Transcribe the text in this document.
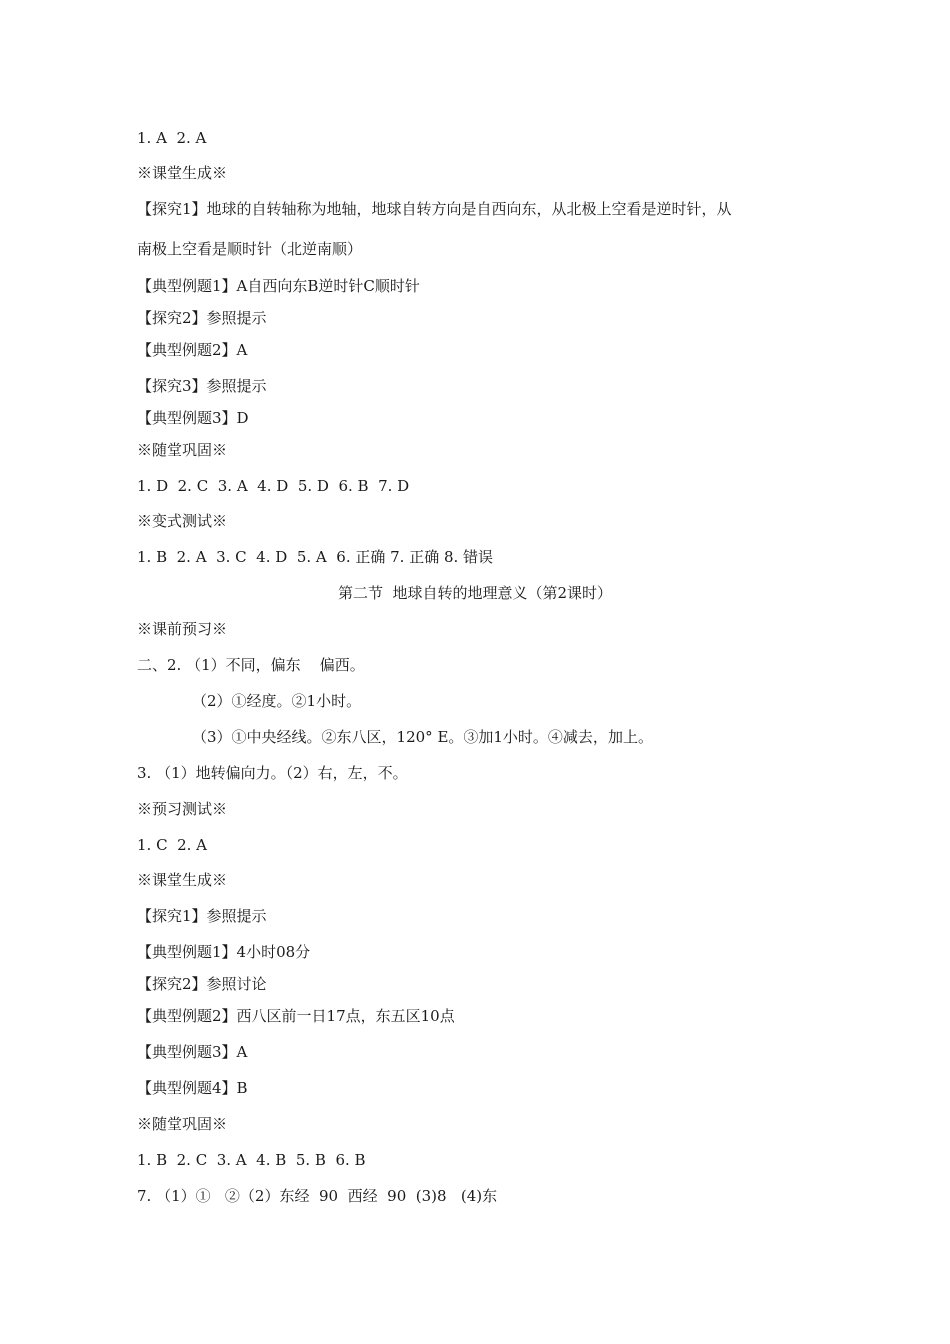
1. A  2. A
※课堂生成※
【探究1】地球的自转轴称为地轴，地球自转方向是自西向东，从北极上空看是逆时针，从
南极上空看是顺时针（北逆南顺）
【典型例题1】A自西向东B逆时针C顺时针
【探究2】参照提示
【典型例题2】A
【探究3】参照提示
【典型例题3】D
※随堂巩固※
1. D  2. C  3. A  4. D  5. D  6. B  7. D
※变式测试※
1. B  2. A  3. C  4. D  5. A  6. 正确 7. 正确 8. 错误
第二节  地球自转的地理意义（第2课时）
※课前预习※
二、2. （1）不同，偏东    偏西。
（2）①经度。②1小时。
（3）①中央经线。②东八区，120° E。③加1小时。④减去，加上。
3. （1）地转偏向力。（2）右，左，不。
※预习测试※
1. C  2. A
※课堂生成※
【探究1】参照提示
【典型例题1】4小时08分
【探究2】参照讨论
【典型例题2】西八区前一日17点，东五区10点
【典型例题3】A
【典型例题4】B
※随堂巩固※
1. B  2. C  3. A  4. B  5. B  6. B
7. （1）①   ②（2）东经  90  西经  90  (3)8   (4)东
